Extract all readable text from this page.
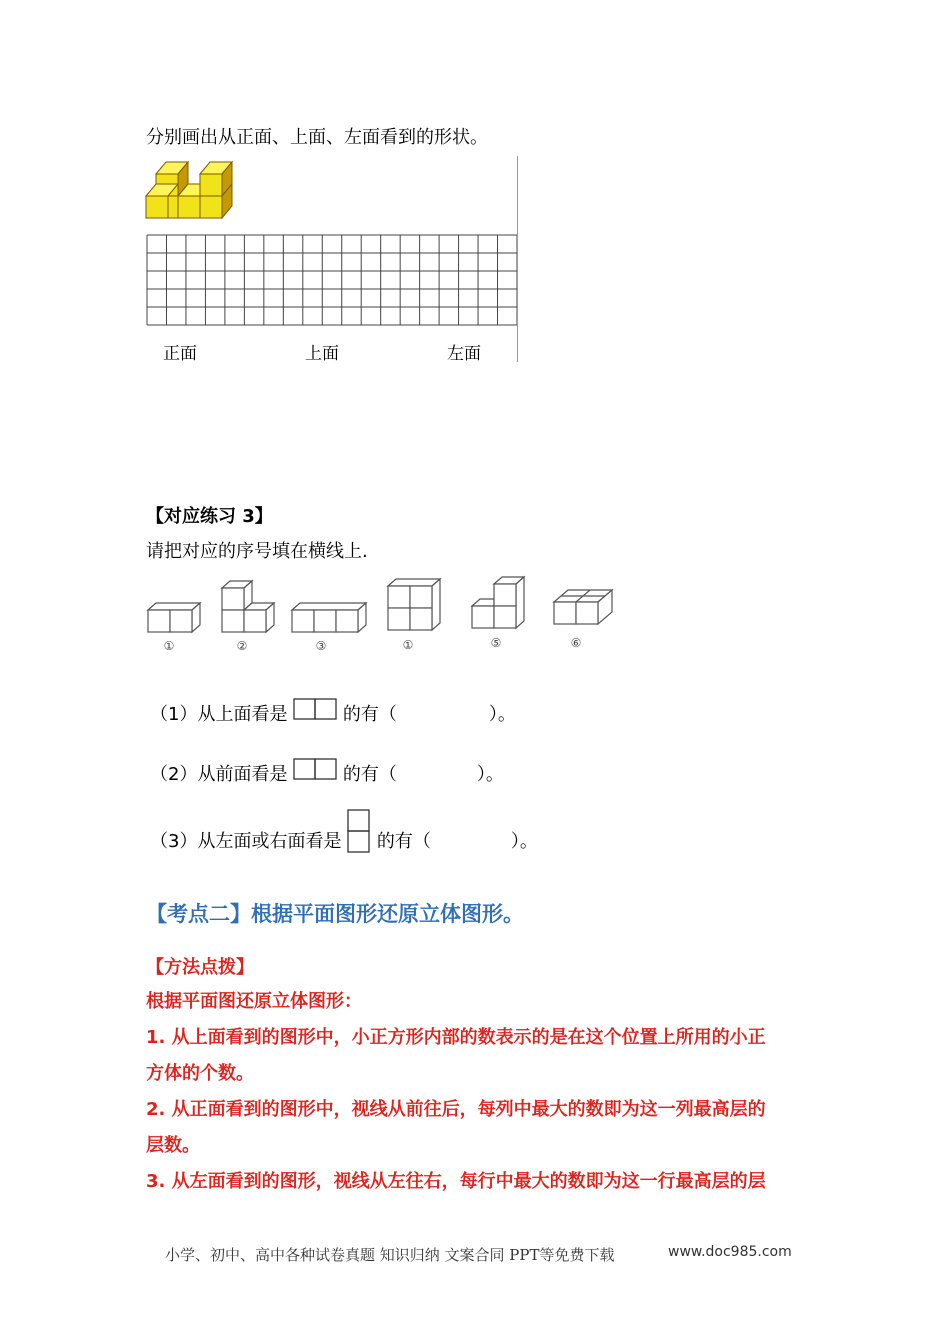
分别画出从正面、上面、左面看到的形状。
正面	上面	左面
【对应练习 3】
请把对应的序号填在横线上.
①	②	③	①	⑤	⑥
（1）从上面看是	的有（	）。
（2）从前面看是	的有（	）。
（3）从左面或右面看是 的有（	）。
【考点二】根据平面图形还原立体图形。
【方法点拨】
根据平面图还原立体图形：
1. 从上面看到的图形中，小正方形内部的数表示的是在这个位置上所用的小正
方体的个数。
2. 从正面看到的图形中，视线从前往后，每列中最大的数即为这一列最高层的
层数。
3. 从左面看到的图形，视线从左往右，每行中最大的数即为这一行最高层的层
小学、初中、高中各种试卷真题 知识归纳 文案合同 PPT等免费下载	www.doc985.com
